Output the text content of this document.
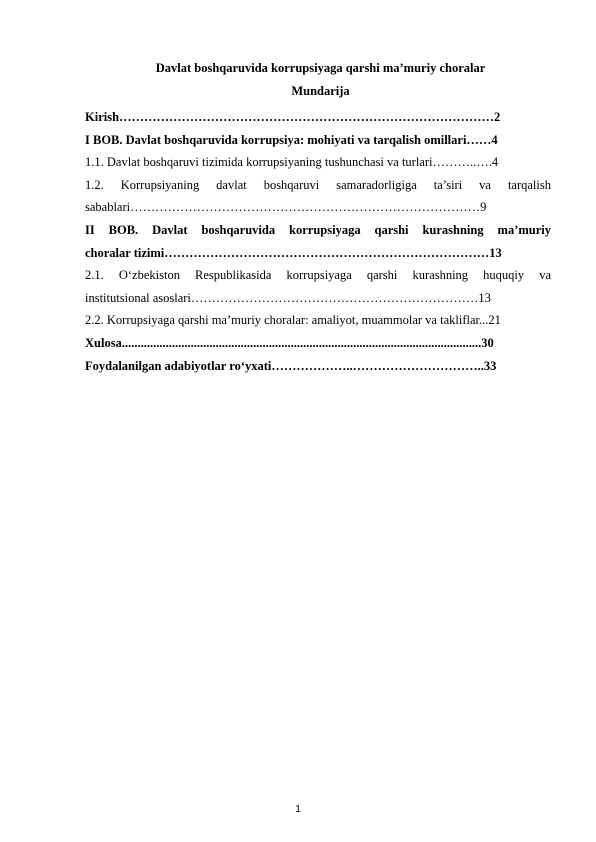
Davlat boshqaruvida korrupsiyaga qarshi ma’muriy choralar
Mundarija
Kirish………………………………………………………………………………2
I BOB. Davlat boshqaruvida korrupsiya: mohiyati va tarqalish omillari……4
1.1. Davlat boshqaruvi tizimida korrupsiyaning tushunchasi va turlari………..….4
1.2. Korrupsiyaning davlat boshqaruvi samaradorligiga ta’siri va tarqalish
sabablari…………………………………………………………………………9
II BOB. Davlat boshqaruvida korrupsiyaga qarshi kurashning ma’muriy
choralar tizimi……………………………………………………………………13
2.1. O‘zbekiston Respublikasida korrupsiyaga qarshi kurashning huquqiy va
institutsional asoslari……………………………………………………………13
2.2. Korrupsiyaga qarshi ma’muriy choralar: amaliyot, muammolar va takliflar...21
Xulosa...................................................................................................................30
Foydalanilgan adabiyotlar ro‘yxati………………..…………………………..33
1
